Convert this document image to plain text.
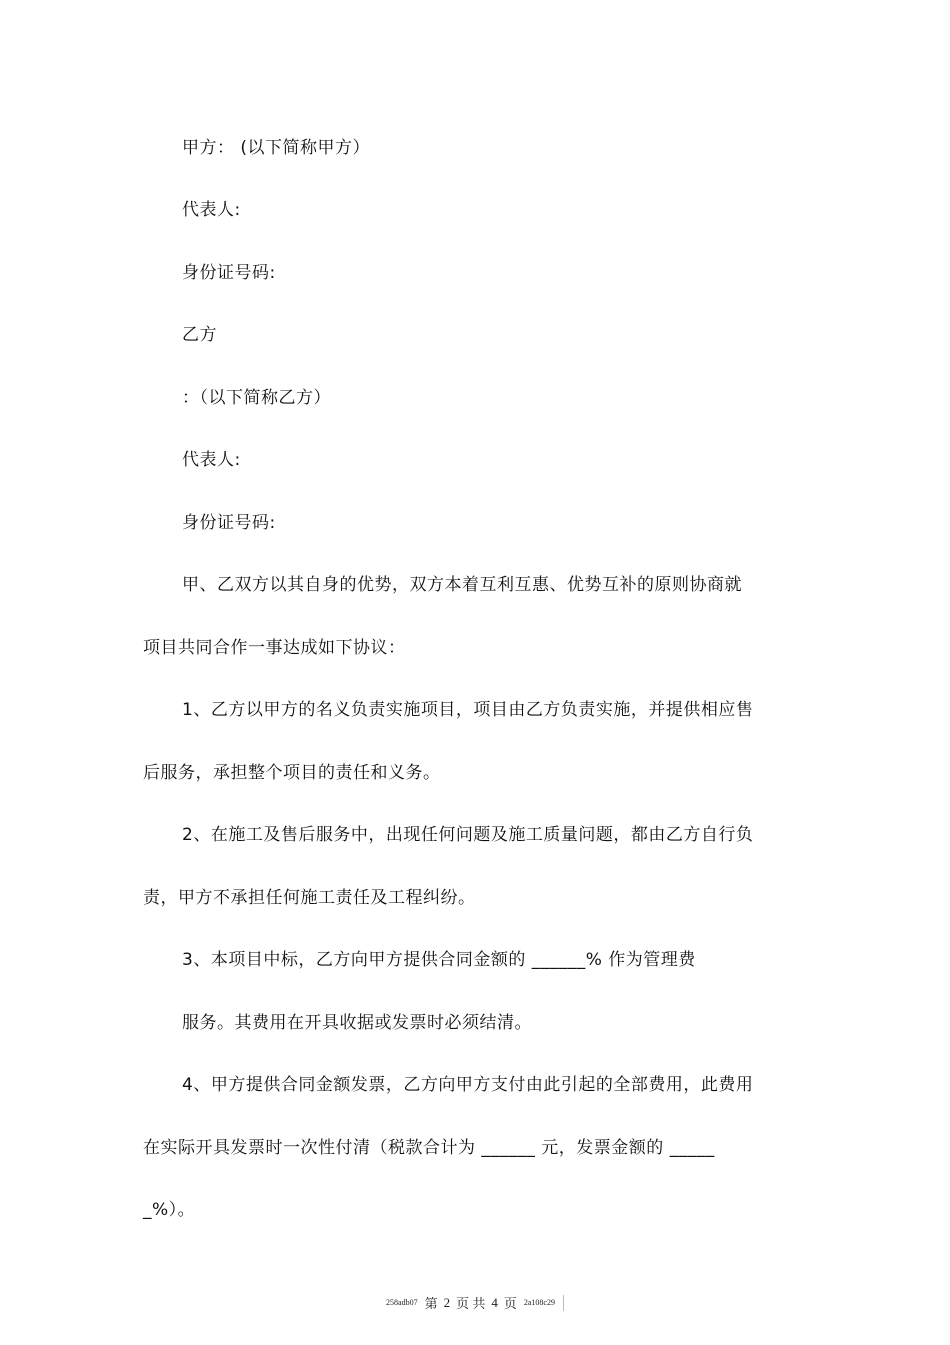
甲方： (以下简称甲方）
代表人:
身份证号码:
乙方
：（以下简称乙方）
代表人:
身份证号码:
甲、乙双方以其自身的优势，双方本着互利互惠、优势互补的原则协商就
项目共同合作一事达成如下协议：
1、乙方以甲方的名义负责实施项目，项目由乙方负责实施，并提供相应售
后服务，承担整个项目的责任和义务。
2、在施工及售后服务中，出现任何问题及施工质量问题，都由乙方自行负
责，甲方不承担任何施工责任及工程纠纷。
3、本项目中标，乙方向甲方提供合同金额的 ______% 作为管理费
服务。其费用在开具收据或发票时必须结清。
4、甲方提供合同金额发票，乙方向甲方支付由此引起的全部费用，此费用
在实际开具发票时一次性付清（税款合计为 ______ 元，发票金额的 _____
_%）。
258adb07 第 2 页 共 4 页 2a108c29
